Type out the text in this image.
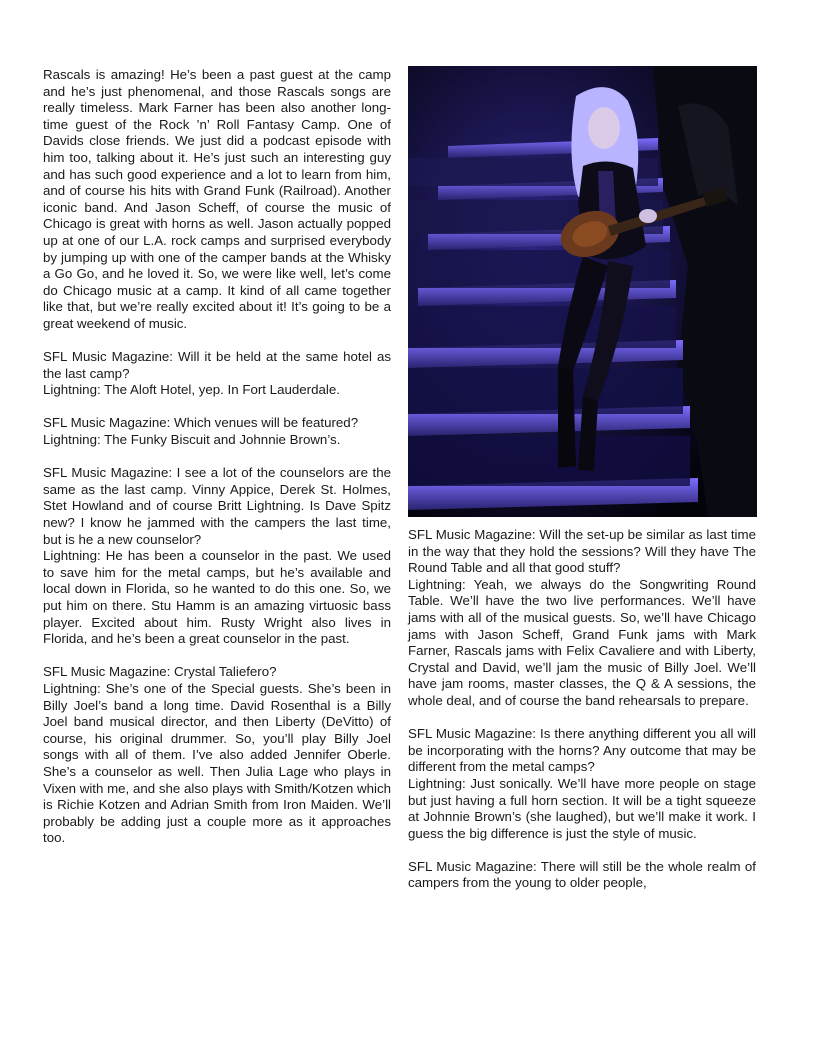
Rascals is amazing! He’s been a past guest at the camp and he’s just phenomenal, and those Rascals songs are really timeless. Mark Farner has been also another long-time guest of the Rock ’n’ Roll Fantasy Camp. One of Davids close friends. We just did a podcast episode with him too, talking about it. He’s just such an interesting guy and has such good experience and a lot to learn from him, and of course his hits with Grand Funk (Railroad). Another iconic band. And Jason Scheff, of course the music of Chicago is great with horns as well. Jason actually popped up at one of our L.A. rock camps and surprised everybody by jumping up with one of the camper bands at the Whisky a Go Go, and he loved it. So, we were like well, let’s come do Chicago music at a camp. It kind of all came together like that, but we’re really excited about it! It’s going to be a great weekend of music.

SFL Music Magazine: Will it be held at the same hotel as the last camp?
Lightning: The Aloft Hotel, yep. In Fort Lauderdale.

SFL Music Magazine: Which venues will be featured?
Lightning: The Funky Biscuit and Johnnie Brown’s.

SFL Music Magazine: I see a lot of the counselors are the same as the last camp. Vinny Appice, Derek St. Holmes, Stet Howland and of course Britt Lightning. Is Dave Spitz new? I know he jammed with the campers the last time, but is he a new counselor?
Lightning: He has been a counselor in the past. We used to save him for the metal camps, but he’s available and local down in Florida, so he wanted to do this one. So, we put him on there. Stu Hamm is an amazing virtuosic bass player. Excited about him. Rusty Wright also lives in Florida, and he’s been a great counselor in the past.

SFL Music Magazine: Crystal Taliefero?
Lightning: She’s one of the Special guests. She’s been in Billy Joel’s band a long time. David Rosenthal is a Billy Joel band musical director, and then Liberty (DeVitto) of course, his original drummer. So, you’ll play Billy Joel songs with all of them. I’ve also added Jennifer Oberle. She’s a counselor as well. Then Julia Lage who plays in Vixen with me, and she also plays with Smith/Kotzen which is Richie Kotzen and Adrian Smith from Iron Maiden. We’ll probably be adding just a couple more as it approaches too.

SFL Music Magazine: Will the set-up be similar as last time in the way that they hold the sessions? Will they have The Round Table and all that good stuff?
Lightning: Yeah, we always do the Songwriting Round Table. We’ll have the two live performances. We’ll have jams with all of the musical guests. So, we’ll have Chicago jams with Jason Scheff, Grand Funk jams with Mark Farner, Rascals jams with Felix Cavaliere and with Liberty, Crystal and David, we’ll jam the music of Billy Joel. We’ll have jam rooms, master classes, the Q & A sessions, the whole deal, and of course the band rehearsals to prepare.

SFL Music Magazine: Is there anything different you all will be incorporating with the horns? Any outcome that may be different from the metal camps?
Lightning: Just sonically. We’ll have more people on stage but just having a full horn section. It will be a tight squeeze at Johnnie Brown’s (she laughed), but we’ll make it work. I guess the big difference is just the style of music.

SFL Music Magazine: There will still be the whole realm of campers from the young to older people,
